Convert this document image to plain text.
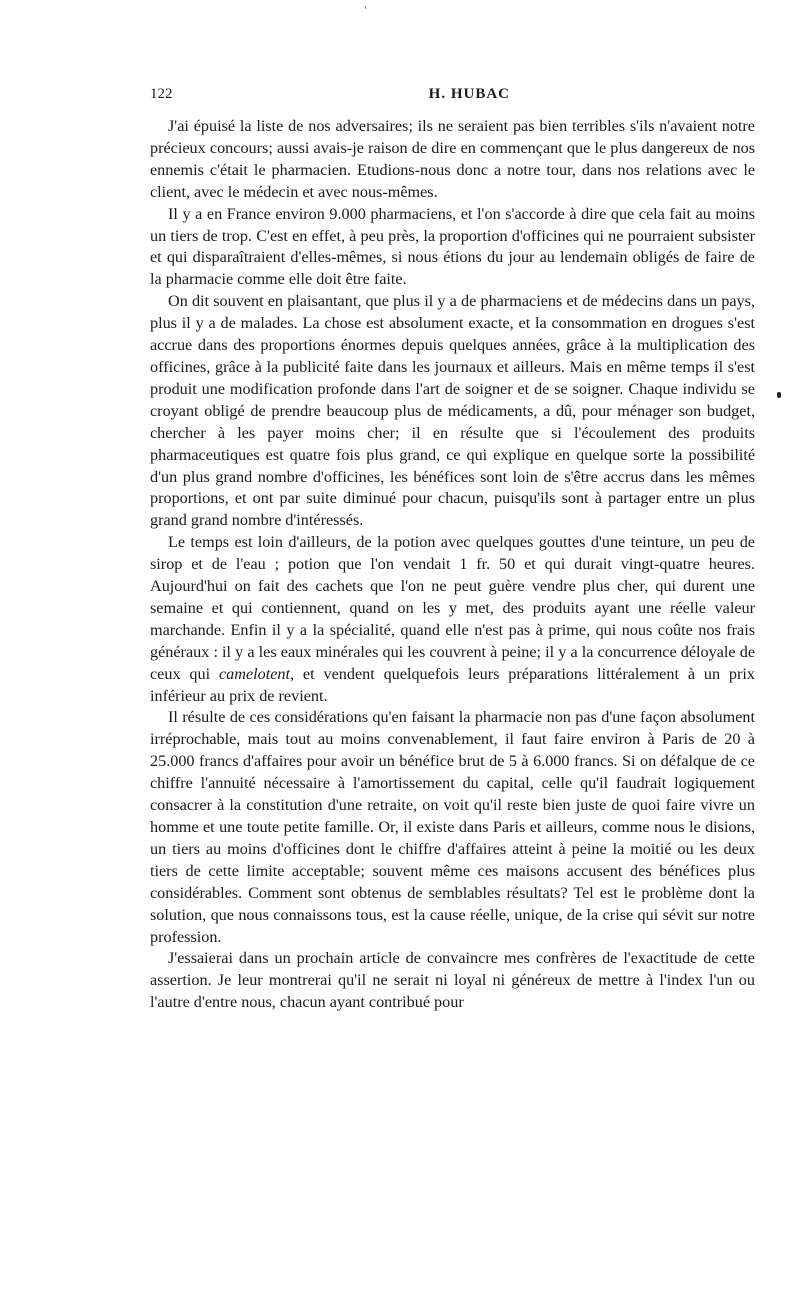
122	H. HUBAC

J'ai épuisé la liste de nos adversaires; ils ne seraient pas bien terribles s'ils n'avaient notre précieux concours; aussi avais-je raison de dire en commençant que le plus dangereux de nos ennemis c'était le pharmacien. Etudions-nous donc a notre tour, dans nos relations avec le client, avec le médecin et avec nous-mêmes.

Il y a en France environ 9.000 pharmaciens, et l'on s'accorde à dire que cela fait au moins un tiers de trop. C'est en effet, à peu près, la proportion d'officines qui ne pourraient subsister et qui disparaîtraient d'elles-mêmes, si nous étions du jour au lendemain obligés de faire de la pharmacie comme elle doit être faite.

On dit souvent en plaisantant, que plus il y a de pharmaciens et de médecins dans un pays, plus il y a de malades. La chose est absolument exacte, et la consommation en drogues s'est accrue dans des proportions énormes depuis quelques années, grâce à la multiplication des officines, grâce à la publicité faite dans les journaux et ailleurs. Mais en même temps il s'est produit une modification profonde dans l'art de soigner et de se soigner. Chaque individu se croyant obligé de prendre beaucoup plus de médicaments, a dû, pour ménager son budget, chercher à les payer moins cher; il en résulte que si l'écoulement des produits pharmaceutiques est quatre fois plus grand, ce qui explique en quelque sorte la possibilité d'un plus grand nombre d'officines, les bénéfices sont loin de s'être accrus dans les mêmes proportions, et ont par suite diminué pour chacun, puisqu'ils sont à partager entre un plus grand grand nombre d'intéressés.

Le temps est loin d'ailleurs, de la potion avec quelques gouttes d'une teinture, un peu de sirop et de l'eau ; potion que l'on vendait 1 fr. 50 et qui durait vingt-quatre heures. Aujourd'hui on fait des cachets que l'on ne peut guère vendre plus cher, qui durent une semaine et qui contiennent, quand on les y met, des produits ayant une réelle valeur marchande. Enfin il y a la spécialité, quand elle n'est pas à prime, qui nous coûte nos frais généraux : il y a les eaux minérales qui les couvrent à peine; il y a la concurrence déloyale de ceux qui camelotent, et vendent quelquefois leurs préparations littéralement à un prix inférieur au prix de revient.

Il résulte de ces considérations qu'en faisant la pharmacie non pas d'une façon absolument irréprochable, mais tout au moins convenablement, il faut faire environ à Paris de 20 à 25.000 francs d'affaires pour avoir un bénéfice brut de 5 à 6.000 francs. Si on défalque de ce chiffre l'annuité nécessaire à l'amortissement du capital, celle qu'il faudrait logiquement consacrer à la constitution d'une retraite, on voit qu'il reste bien juste de quoi faire vivre un homme et une toute petite famille. Or, il existe dans Paris et ailleurs, comme nous le disions, un tiers au moins d'officines dont le chiffre d'affaires atteint à peine la moitié ou les deux tiers de cette limite acceptable; souvent même ces maisons accusent des bénéfices plus considérables. Comment sont obtenus de semblables résultats? Tel est le problème dont la solution, que nous connaissons tous, est la cause réelle, unique, de la crise qui sévit sur notre profession.

J'essaierai dans un prochain article de convaincre mes confrères de l'exactitude de cette assertion. Je leur montrerai qu'il ne serait ni loyal ni généreux de mettre à l'index l'un ou l'autre d'entre nous, chacun ayant contribué pour
